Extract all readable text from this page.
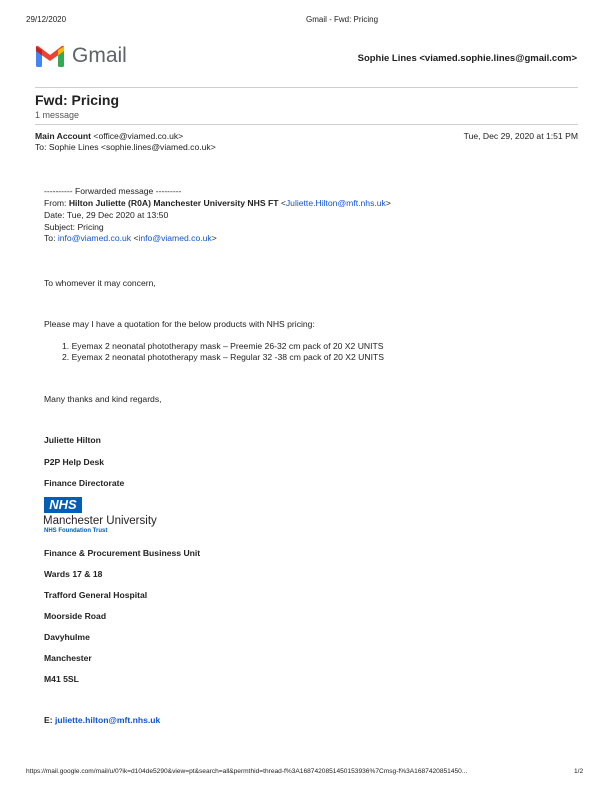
29/12/2020	Gmail - Fwd: Pricing
Gmail	Sophie Lines <viamed.sophie.lines@gmail.com>
Fwd: Pricing
1 message
Main Account <office@viamed.co.uk>	Tue, Dec 29, 2020 at 1:51 PM
To: Sophie Lines <sophie.lines@viamed.co.uk>
---------- Forwarded message ---------
From: Hilton Juliette (R0A) Manchester University NHS FT <Juliette.Hilton@mft.nhs.uk>
Date: Tue, 29 Dec 2020 at 13:50
Subject: Pricing
To: info@viamed.co.uk <info@viamed.co.uk>
To whomever it may concern,
Please may I have a quotation for the below products with NHS pricing:
1. Eyemax 2 neonatal phototherapy mask – Preemie 26-32 cm pack of 20 X2 UNITS
2. Eyemax 2 neonatal phototherapy mask – Regular 32 -38 cm pack of 20 X2 UNITS
Many thanks and kind regards,
Juliette Hilton
P2P Help Desk
Finance Directorate
NHS
Manchester University
NHS Foundation Trust
Finance & Procurement Business Unit
Wards 17 & 18
Trafford General Hospital
Moorside Road
Davyhulme
Manchester
M41 5SL
E: juliette.hilton@mft.nhs.uk
https://mail.google.com/mail/u/0?ik=d104de5290&view=pt&search=all&permthid=thread-f%3A1687420851450153936%7Cmsg-f%3A1687420851450...	1/2
